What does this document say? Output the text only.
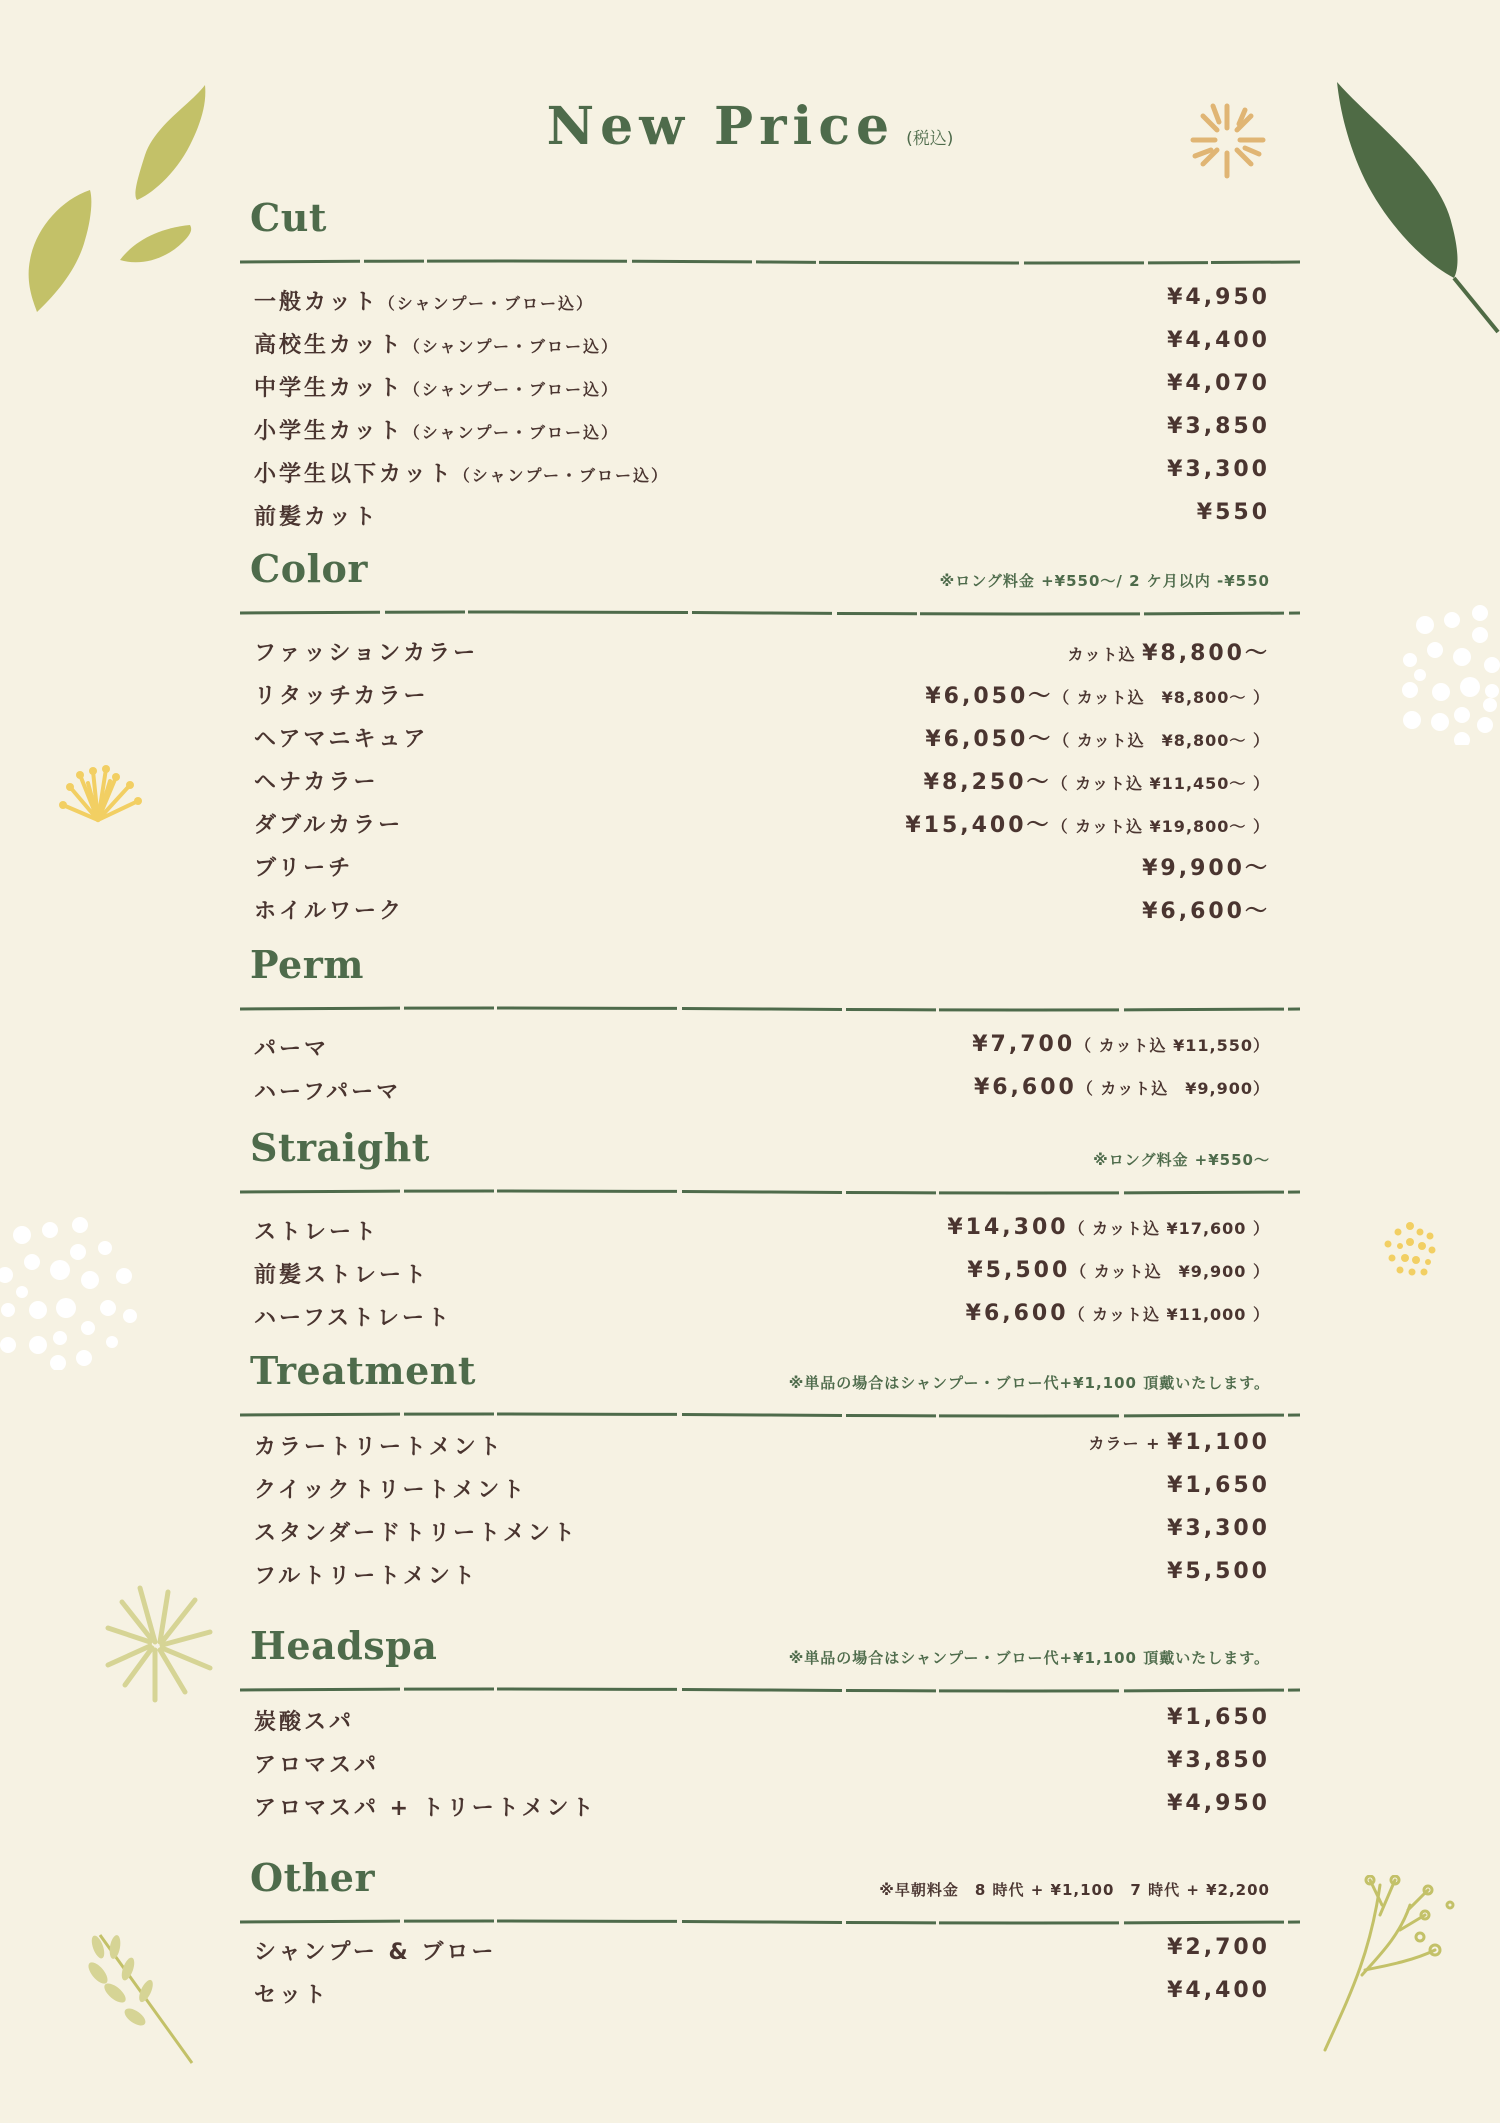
New Price (税込)
Cut
一般カット（シャンプー・ブロー込）	¥4,950
高校生カット（シャンプー・ブロー込）	¥4,400
中学生カット（シャンプー・ブロー込）	¥4,070
小学生カット（シャンプー・ブロー込）	¥3,850
小学生以下カット（シャンプー・ブロー込）	¥3,300
前髪カット	¥550
Color	※ロング料金 +¥550～/ 2 ケ月以内 -¥550
ファッションカラー	カット込 ¥8,800～
リタッチカラー	¥6,050～（ カット込　¥8,800～ ）
ヘアマニキュア	¥6,050～（ カット込　¥8,800～ ）
ヘナカラー	¥8,250～（ カット込 ¥11,450～ ）
ダブルカラー	¥15,400～（ カット込 ¥19,800～ ）
ブリーチ	¥9,900～
ホイルワーク	¥6,600～
Perm
パーマ	¥7,700（ カット込 ¥11,550）
ハーフパーマ	¥6,600（ カット込　¥9,900）
Straight	※ロング料金 +¥550～
ストレート	¥14,300（ カット込 ¥17,600 ）
前髪ストレート	¥5,500（ カット込　¥9,900 ）
ハーフストレート	¥6,600（ カット込 ¥11,000 ）
Treatment	※単品の場合はシャンプー・ブロー代+¥1,100 頂戴いたします。
カラートリートメント	カラー + ¥1,100
クイックトリートメント	¥1,650
スタンダードトリートメント	¥3,300
フルトリートメント	¥5,500
Headspa	※単品の場合はシャンプー・ブロー代+¥1,100 頂戴いたします。
炭酸スパ	¥1,650
アロマスパ	¥3,850
アロマスパ + トリートメント	¥4,950
Other	※早朝料金　8 時代 + ¥1,100　7 時代 + ¥2,200
シャンプー & ブロー	¥2,700
セット	¥4,400
